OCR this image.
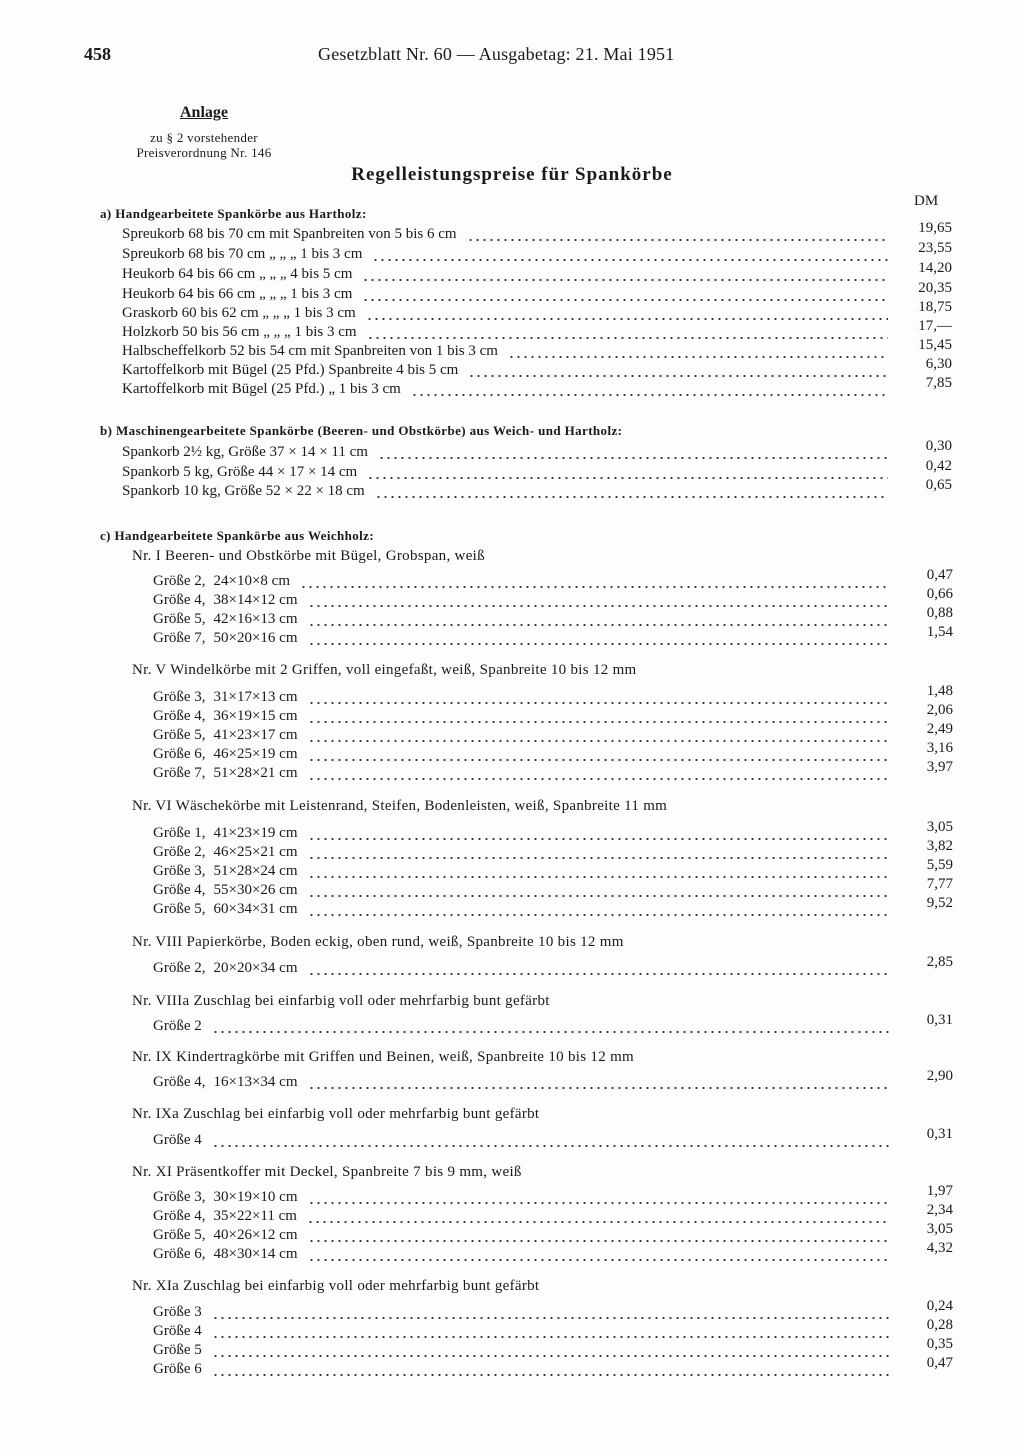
458	Gesetzblatt Nr. 60 — Ausgabetag: 21. Mai 1951
Anlage
zu § 2 vorstehender
Preisverordnung Nr. 146
Regelleistungspreise für Spankörbe
DM
a) Handgearbeitete Spankörbe aus Hartholz:
Spreukorb 68 bis 70 cm mit Spanbreiten von 5 bis 6 cm	19,65
Spreukorb 68 bis 70 cm „ „ „ 1 bis 3 cm	23,55
Heukorb 64 bis 66 cm „ „ „ 4 bis 5 cm	14,20
Heukorb 64 bis 66 cm „ „ „ 1 bis 3 cm	20,35
Graskorb 60 bis 62 cm „ „ „ 1 bis 3 cm	18,75
Holzkorb 50 bis 56 cm „ „ „ 1 bis 3 cm	17,—
Halbscheffelkorb 52 bis 54 cm mit Spanbreiten von 1 bis 3 cm	15,45
Kartoffelkorb mit Bügel (25 Pfd.) Spanbreite 4 bis 5 cm	6,30
Kartoffelkorb mit Bügel (25 Pfd.) „ 1 bis 3 cm	7,85
b) Maschinengearbeitete Spankörbe (Beeren- und Obstkörbe) aus Weich- und Hartholz:
Spankorb 2½ kg, Größe 37 × 14 × 11 cm	0,30
Spankorb 5 kg, Größe 44 × 17 × 14 cm	0,42
Spankorb 10 kg, Größe 52 × 22 × 18 cm	0,65
c) Handgearbeitete Spankörbe aus Weichholz:
Nr. I Beeren- und Obstkörbe mit Bügel, Grobspan, weiß
Größe 2, 24×10×8 cm	0,47
Größe 4, 38×14×12 cm	0,66
Größe 5, 42×16×13 cm	0,88
Größe 7, 50×20×16 cm	1,54
Nr. V Windelkörbe mit 2 Griffen, voll eingefaßt, weiß, Spanbreite 10 bis 12 mm
Größe 3, 31×17×13 cm	1,48
Größe 4, 36×19×15 cm	2,06
Größe 5, 41×23×17 cm	2,49
Größe 6, 46×25×19 cm	3,16
Größe 7, 51×28×21 cm	3,97
Nr. VI Wäschekörbe mit Leistenrand, Steifen, Bodenleisten, weiß, Spanbreite 11 mm
Größe 1, 41×23×19 cm	3,05
Größe 2, 46×25×21 cm	3,82
Größe 3, 51×28×24 cm	5,59
Größe 4, 55×30×26 cm	7,77
Größe 5, 60×34×31 cm	9,52
Nr. VIII Papierkörbe, Boden eckig, oben rund, weiß, Spanbreite 10 bis 12 mm
Größe 2, 20×20×34 cm	2,85
Nr. VIIIa Zuschlag bei einfarbig voll oder mehrfarbig bunt gefärbt
Größe 2	0,31
Nr. IX Kindertragkörbe mit Griffen und Beinen, weiß, Spanbreite 10 bis 12 mm
Größe 4, 16×13×34 cm	2,90
Nr. IXa Zuschlag bei einfarbig voll oder mehrfarbig bunt gefärbt
Größe 4	0,31
Nr. XI Präsentkoffer mit Deckel, Spanbreite 7 bis 9 mm, weiß
Größe 3, 30×19×10 cm	1,97
Größe 4, 35×22×11 cm	2,34
Größe 5, 40×26×12 cm	3,05
Größe 6, 48×30×14 cm	4,32
Nr. XIa Zuschlag bei einfarbig voll oder mehrfarbig bunt gefärbt
Größe 3	0,24
Größe 4	0,28
Größe 5	0,35
Größe 6	0,47
